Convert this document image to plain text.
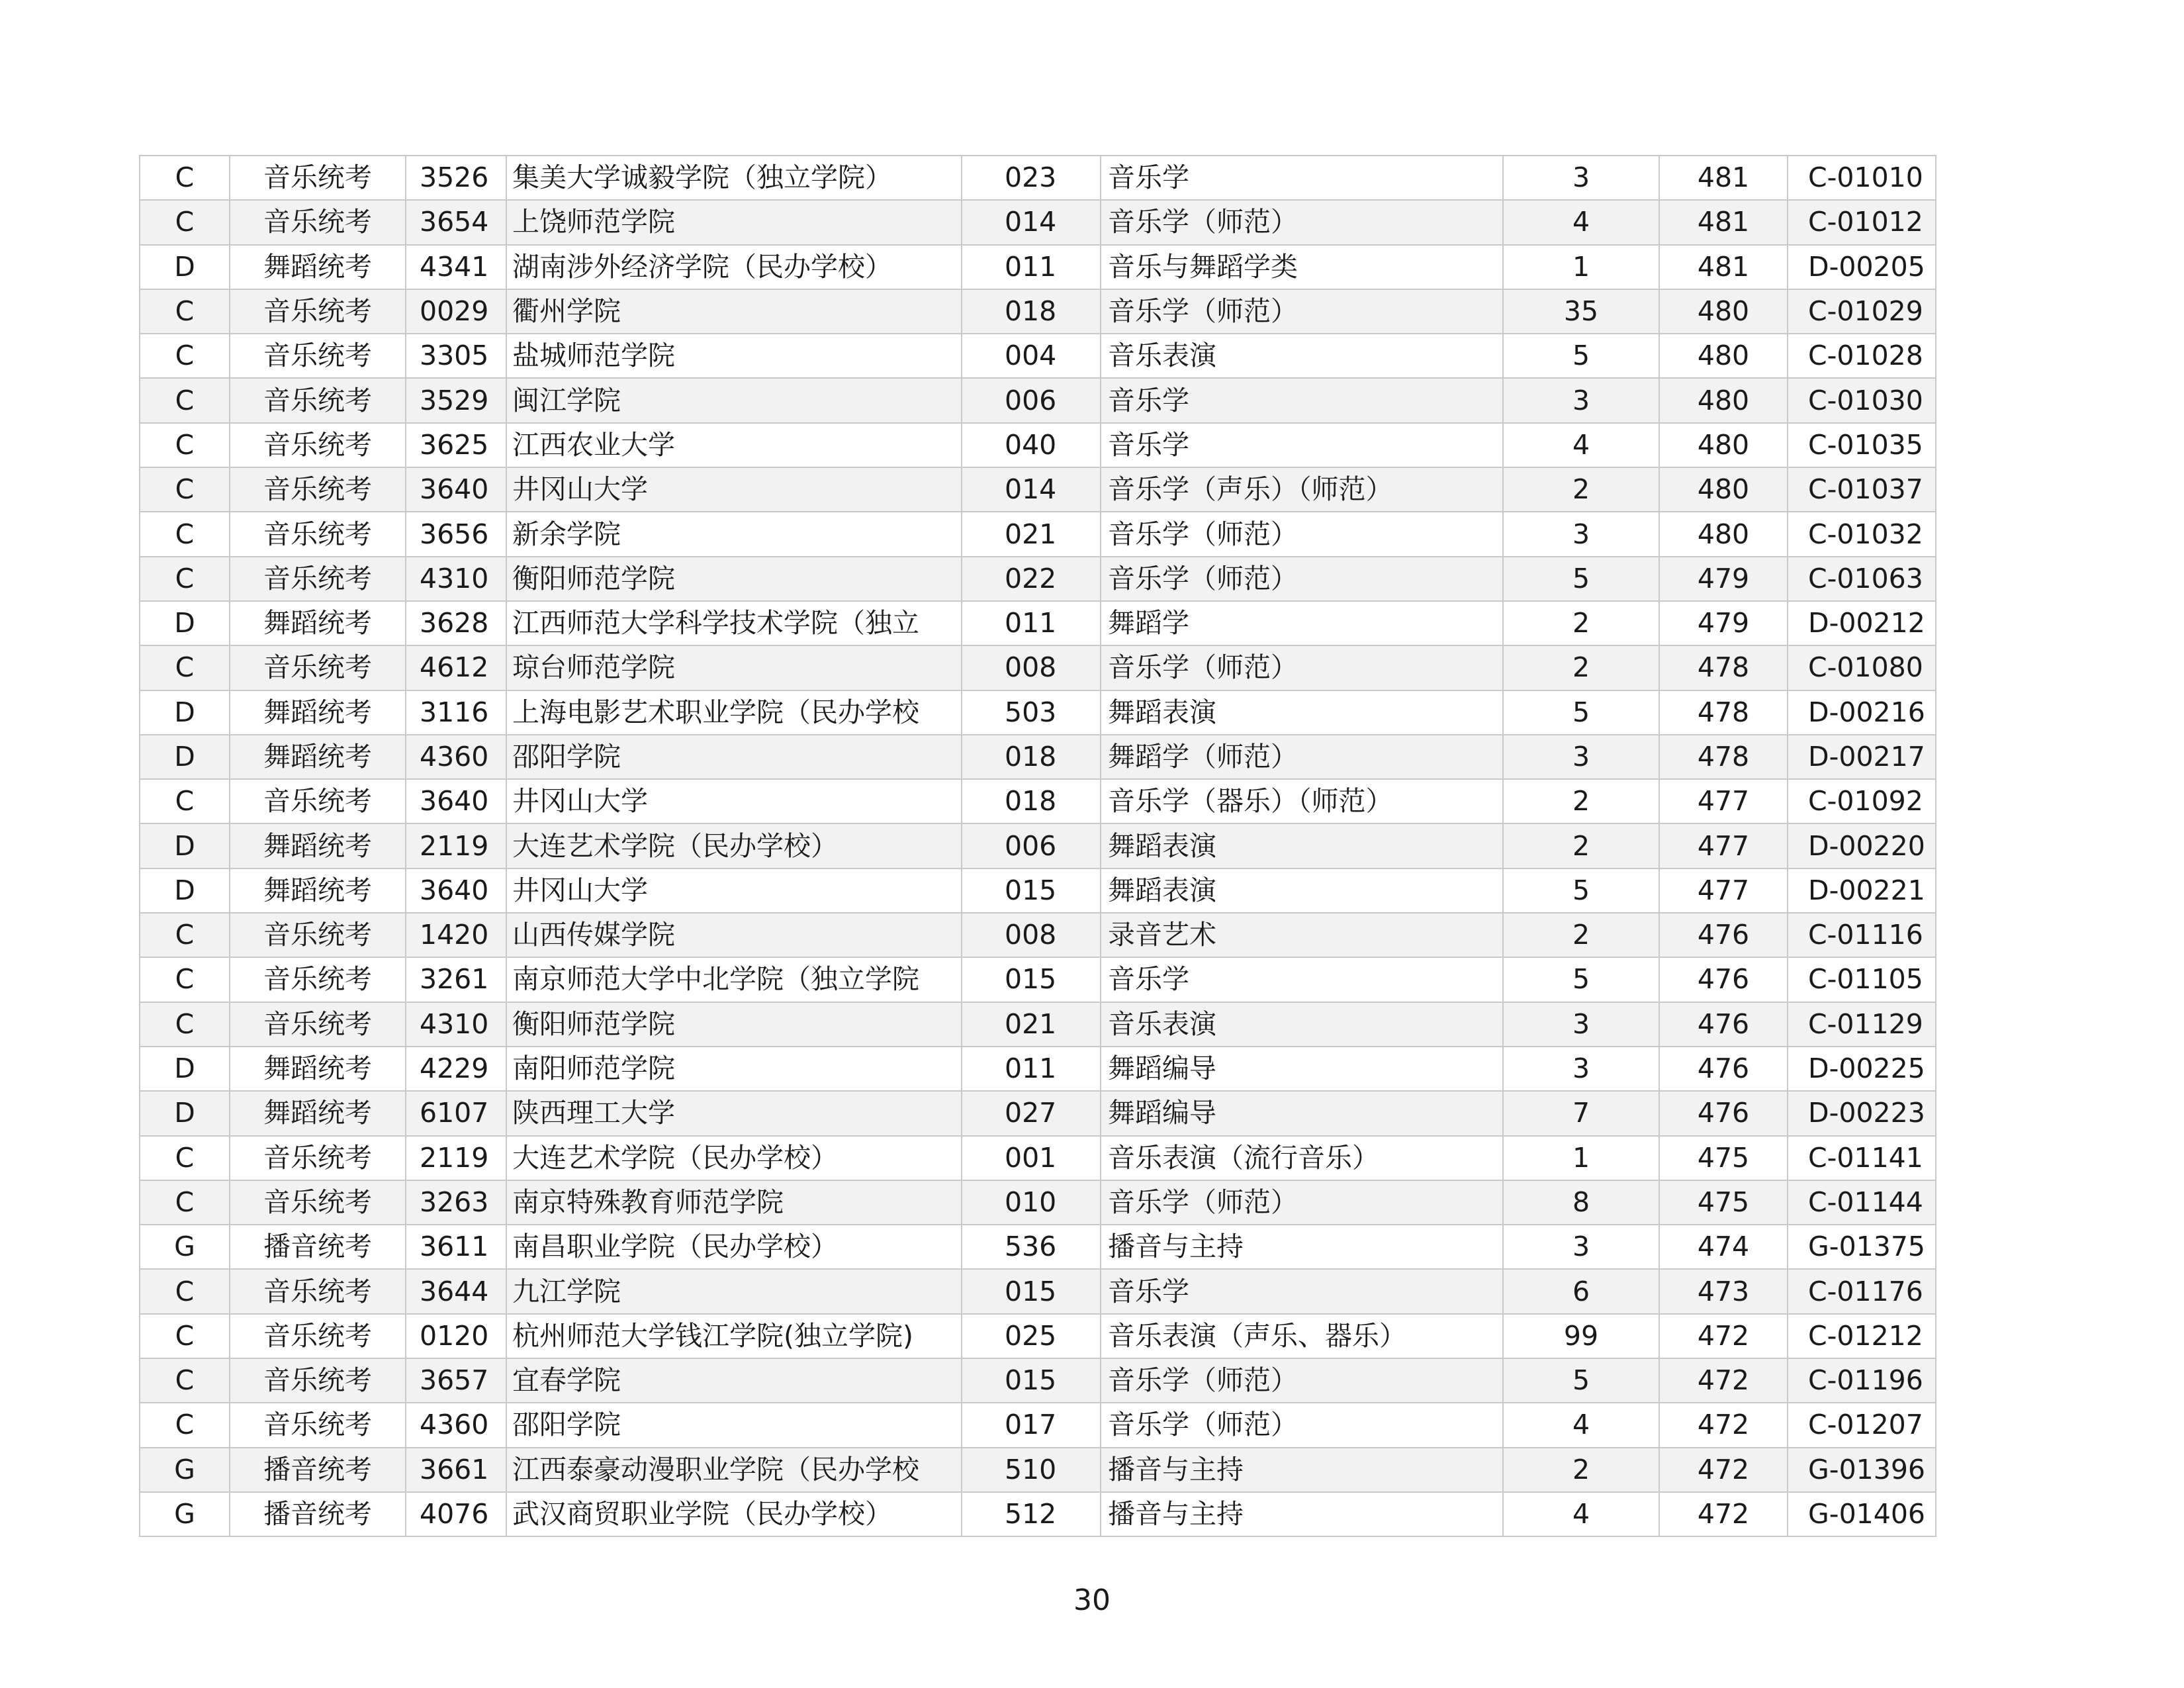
C	音乐统考	3526	集美大学诚毅学院（独立学院）	023	音乐学	3	481	C-01010
C	音乐统考	3654	上饶师范学院	014	音乐学（师范）	4	481	C-01012
D	舞蹈统考	4341	湖南涉外经济学院（民办学校）	011	音乐与舞蹈学类	1	481	D-00205
C	音乐统考	0029	衢州学院	018	音乐学（师范）	35	480	C-01029
C	音乐统考	3305	盐城师范学院	004	音乐表演	5	480	C-01028
C	音乐统考	3529	闽江学院	006	音乐学	3	480	C-01030
C	音乐统考	3625	江西农业大学	040	音乐学	4	480	C-01035
C	音乐统考	3640	井冈山大学	014	音乐学（声乐）（师范）	2	480	C-01037
C	音乐统考	3656	新余学院	021	音乐学（师范）	3	480	C-01032
C	音乐统考	4310	衡阳师范学院	022	音乐学（师范）	5	479	C-01063
D	舞蹈统考	3628	江西师范大学科学技术学院（独立	011	舞蹈学	2	479	D-00212
C	音乐统考	4612	琼台师范学院	008	音乐学（师范）	2	478	C-01080
D	舞蹈统考	3116	上海电影艺术职业学院（民办学校	503	舞蹈表演	5	478	D-00216
D	舞蹈统考	4360	邵阳学院	018	舞蹈学（师范）	3	478	D-00217
C	音乐统考	3640	井冈山大学	018	音乐学（器乐）（师范）	2	477	C-01092
D	舞蹈统考	2119	大连艺术学院（民办学校）	006	舞蹈表演	2	477	D-00220
D	舞蹈统考	3640	井冈山大学	015	舞蹈表演	5	477	D-00221
C	音乐统考	1420	山西传媒学院	008	录音艺术	2	476	C-01116
C	音乐统考	3261	南京师范大学中北学院（独立学院	015	音乐学	5	476	C-01105
C	音乐统考	4310	衡阳师范学院	021	音乐表演	3	476	C-01129
D	舞蹈统考	4229	南阳师范学院	011	舞蹈编导	3	476	D-00225
D	舞蹈统考	6107	陕西理工大学	027	舞蹈编导	7	476	D-00223
C	音乐统考	2119	大连艺术学院（民办学校）	001	音乐表演（流行音乐）	1	475	C-01141
C	音乐统考	3263	南京特殊教育师范学院	010	音乐学（师范）	8	475	C-01144
G	播音统考	3611	南昌职业学院（民办学校）	536	播音与主持	3	474	G-01375
C	音乐统考	3644	九江学院	015	音乐学	6	473	C-01176
C	音乐统考	0120	杭州师范大学钱江学院(独立学院)	025	音乐表演（声乐、器乐）	99	472	C-01212
C	音乐统考	3657	宜春学院	015	音乐学（师范）	5	472	C-01196
C	音乐统考	4360	邵阳学院	017	音乐学（师范）	4	472	C-01207
G	播音统考	3661	江西泰豪动漫职业学院（民办学校	510	播音与主持	2	472	G-01396
G	播音统考	4076	武汉商贸职业学院（民办学校）	512	播音与主持	4	472	G-01406
30
